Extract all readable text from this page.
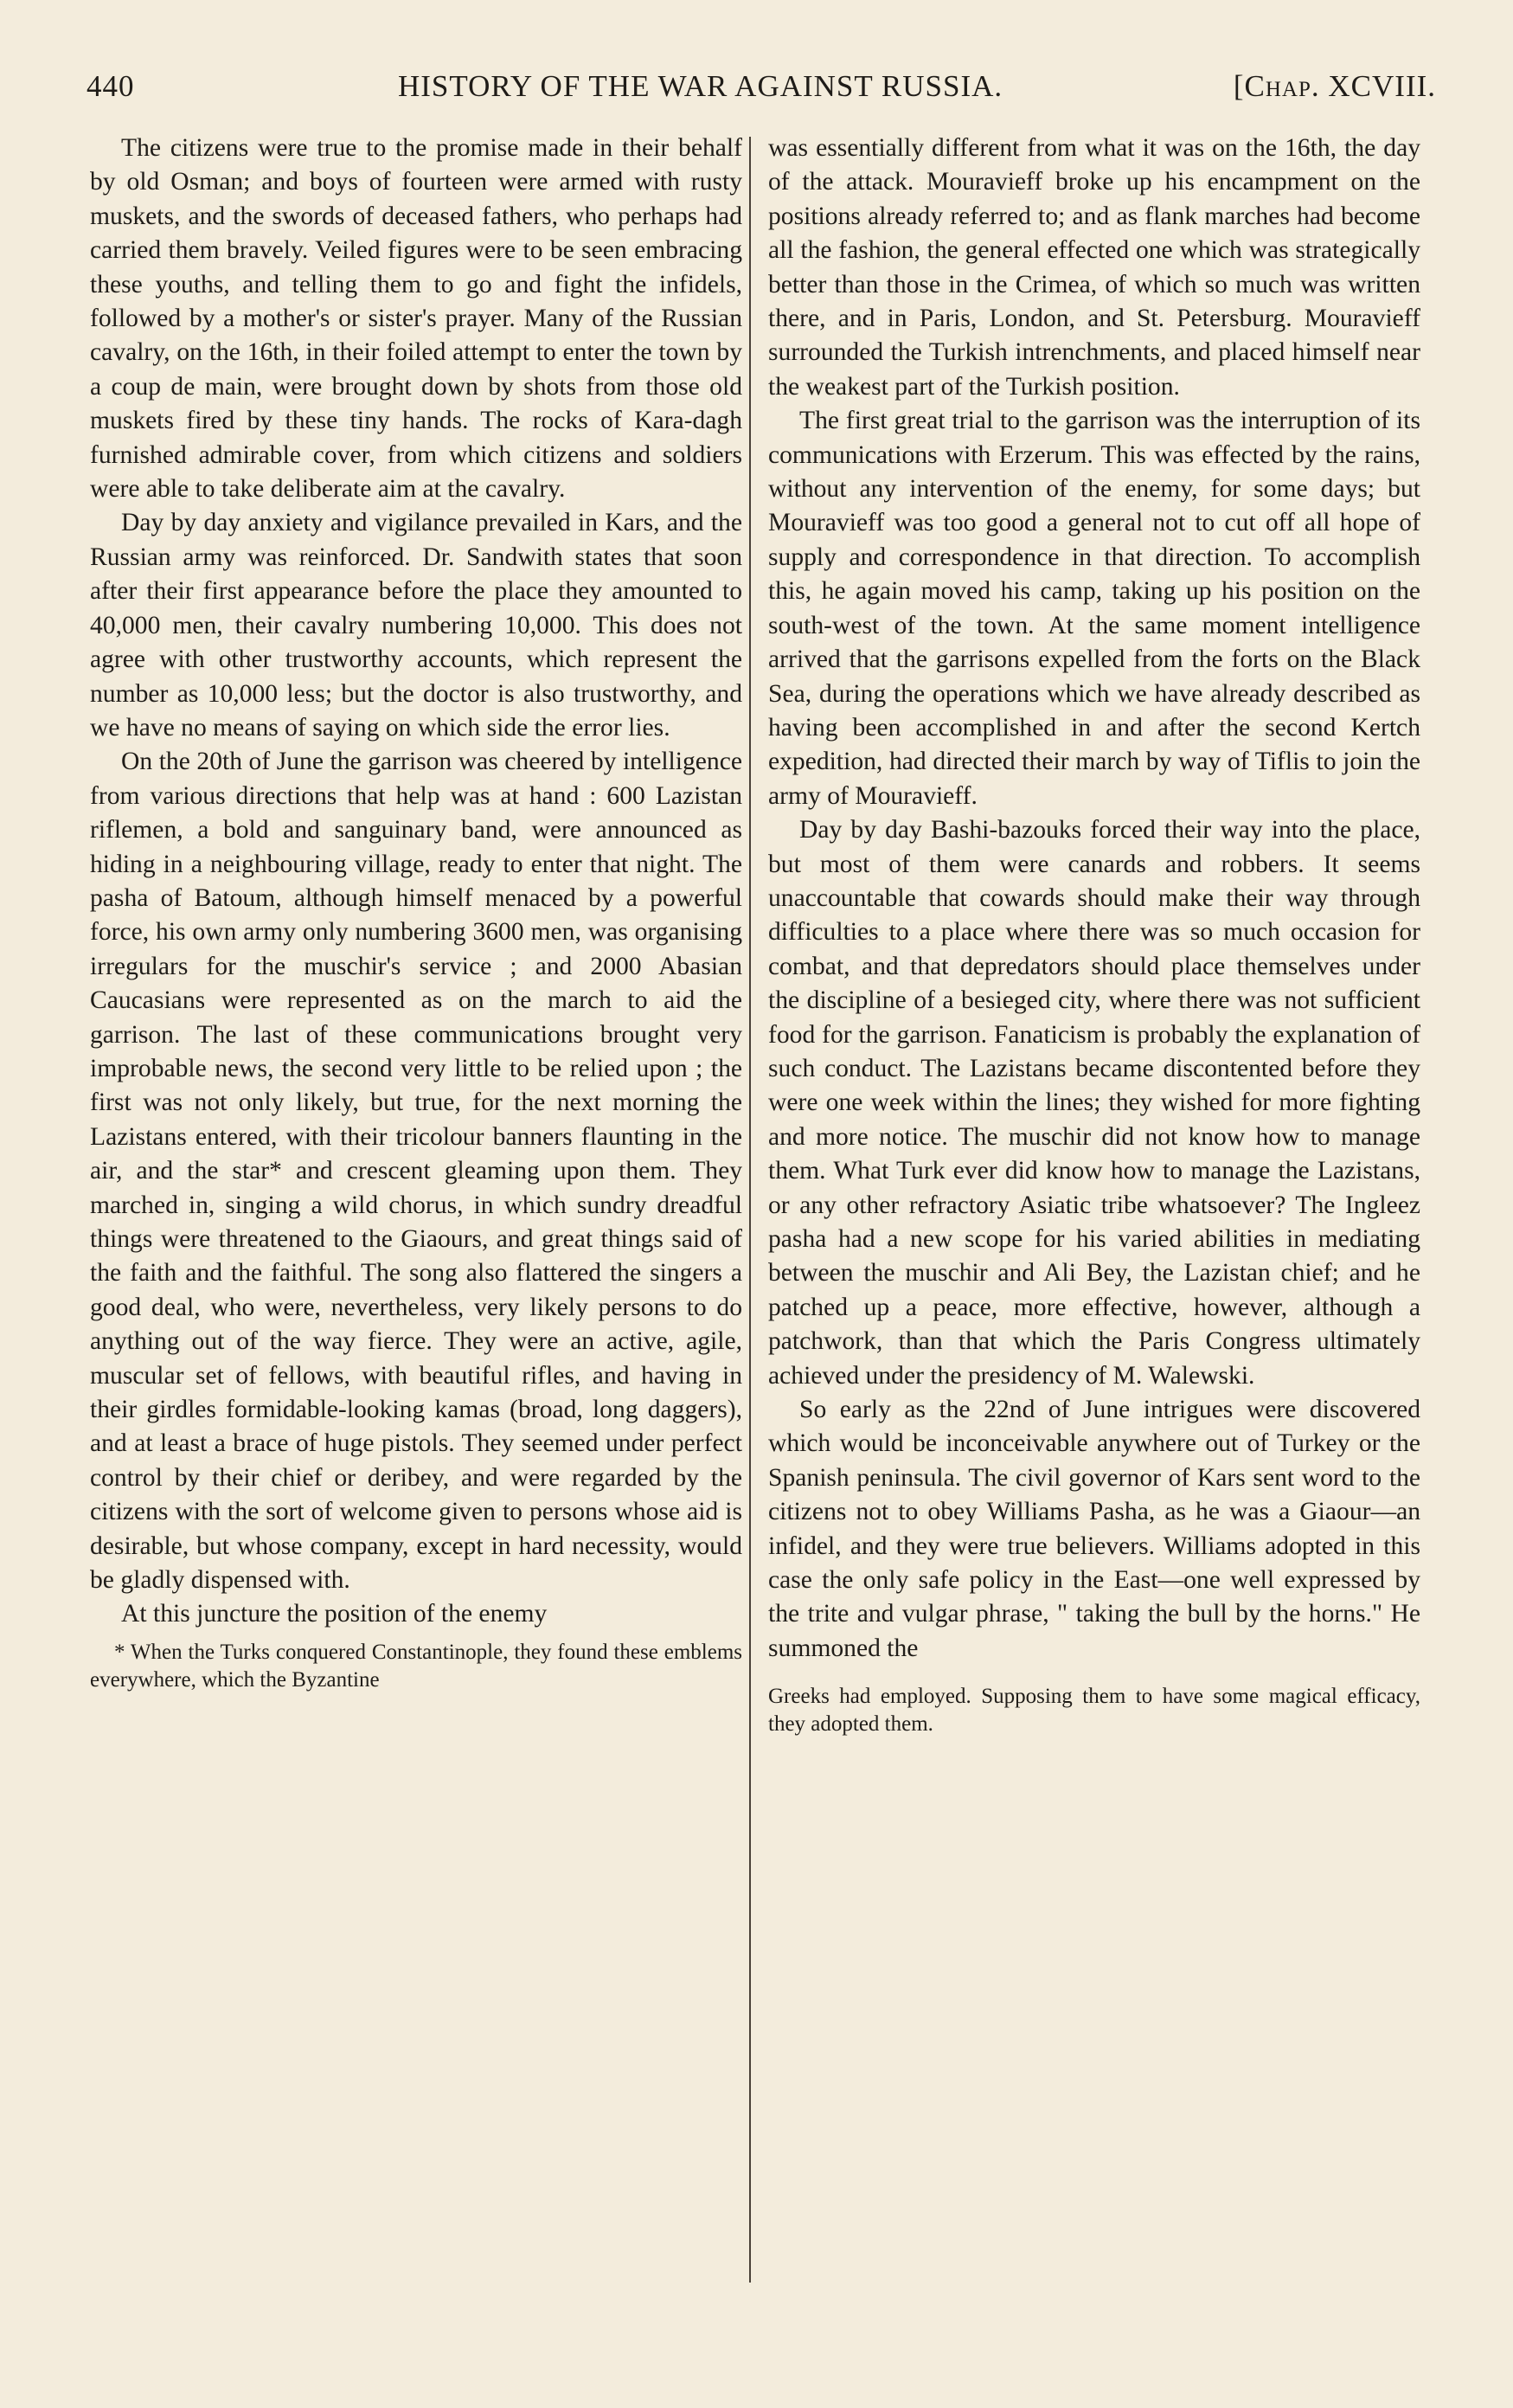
440	HISTORY OF THE WAR AGAINST RUSSIA.	[Chap. XCVIII.

The citizens were true to the promise made in their behalf by old Osman; and boys of fourteen were armed with rusty muskets, and the swords of deceased fathers, who perhaps had carried them bravely. Veiled figures were to be seen embracing these youths, and telling them to go and fight the infidels, followed by a mother's or sister's prayer. Many of the Russian cavalry, on the 16th, in their foiled attempt to enter the town by a coup de main, were brought down by shots from those old muskets fired by these tiny hands. The rocks of Kara-dagh furnished admirable cover, from which citizens and soldiers were able to take deliberate aim at the cavalry.

Day by day anxiety and vigilance prevailed in Kars, and the Russian army was reinforced. Dr. Sandwith states that soon after their first appearance before the place they amounted to 40,000 men, their cavalry numbering 10,000. This does not agree with other trustworthy accounts, which represent the number as 10,000 less; but the doctor is also trustworthy, and we have no means of saying on which side the error lies.

On the 20th of June the garrison was cheered by intelligence from various directions that help was at hand : 600 Lazistan riflemen, a bold and sanguinary band, were announced as hiding in a neighbouring village, ready to enter that night. The pasha of Batoum, although himself menaced by a powerful force, his own army only numbering 3600 men, was organising irregulars for the muschir's service ; and 2000 Abasian Caucasians were represented as on the march to aid the garrison. The last of these communications brought very improbable news, the second very little to be relied upon ; the first was not only likely, but true, for the next morning the Lazistans entered, with their tricolour banners flaunting in the air, and the star* and crescent gleaming upon them. They marched in, singing a wild chorus, in which sundry dreadful things were threatened to the Giaours, and great things said of the faith and the faithful. The song also flattered the singers a good deal, who were, nevertheless, very likely persons to do anything out of the way fierce. They were an active, agile, muscular set of fellows, with beautiful rifles, and having in their girdles formidable-looking kamas (broad, long daggers), and at least a brace of huge pistols. They seemed under perfect control by their chief or deribey, and were regarded by the citizens with the sort of welcome given to persons whose aid is desirable, but whose company, except in hard necessity, would be gladly dispensed with.

At this juncture the position of the enemy

* When the Turks conquered Constantinople, they found these emblems everywhere, which the Byzantine

was essentially different from what it was on the 16th, the day of the attack. Mouravieff broke up his encampment on the positions already referred to; and as flank marches had become all the fashion, the general effected one which was strategically better than those in the Crimea, of which so much was written there, and in Paris, London, and St. Petersburg. Mouravieff surrounded the Turkish intrenchments, and placed himself near the weakest part of the Turkish position.

The first great trial to the garrison was the interruption of its communications with Erzerum. This was effected by the rains, without any intervention of the enemy, for some days; but Mouravieff was too good a general not to cut off all hope of supply and correspondence in that direction. To accomplish this, he again moved his camp, taking up his position on the south-west of the town. At the same moment intelligence arrived that the garrisons expelled from the forts on the Black Sea, during the operations which we have already described as having been accomplished in and after the second Kertch expedition, had directed their march by way of Tiflis to join the army of Mouravieff.

Day by day Bashi-bazouks forced their way into the place, but most of them were canards and robbers. It seems unaccountable that cowards should make their way through difficulties to a place where there was so much occasion for combat, and that depredators should place themselves under the discipline of a besieged city, where there was not sufficient food for the garrison. Fanaticism is probably the explanation of such conduct. The Lazistans became discontented before they were one week within the lines; they wished for more fighting and more notice. The muschir did not know how to manage them. What Turk ever did know how to manage the Lazistans, or any other refractory Asiatic tribe whatsoever? The Ingleez pasha had a new scope for his varied abilities in mediating between the muschir and Ali Bey, the Lazistan chief; and he patched up a peace, more effective, however, although a patchwork, than that which the Paris Congress ultimately achieved under the presidency of M. Walewski.

So early as the 22nd of June intrigues were discovered which would be inconceivable anywhere out of Turkey or the Spanish peninsula. The civil governor of Kars sent word to the citizens not to obey Williams Pasha, as he was a Giaour—an infidel, and they were true believers. Williams adopted in this case the only safe policy in the East—one well expressed by the trite and vulgar phrase, " taking the bull by the horns." He summoned the

Greeks had employed. Supposing them to have some magical efficacy, they adopted them.
